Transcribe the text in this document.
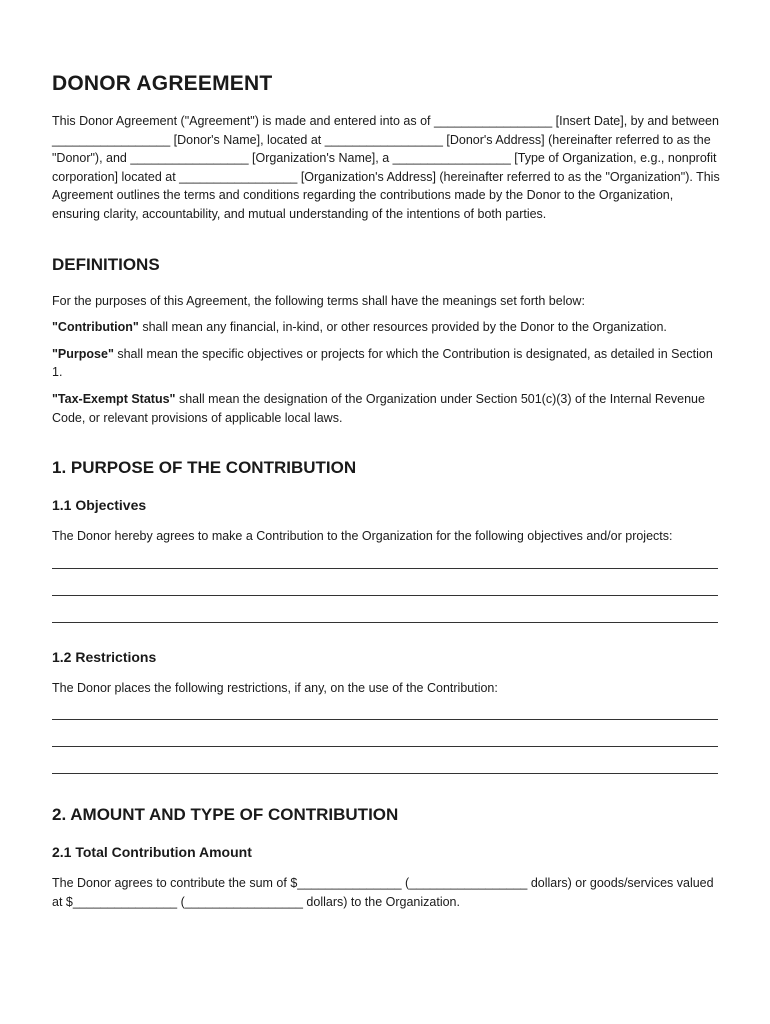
DONOR AGREEMENT

This Donor Agreement ("Agreement") is made and entered into as of _________________ [Insert Date], by and between _________________ [Donor's Name], located at _________________ [Donor's Address] (hereinafter referred to as the "Donor"), and _________________ [Organization's Name], a _________________ [Type of Organization, e.g., nonprofit corporation] located at _________________ [Organization's Address] (hereinafter referred to as the "Organization"). This Agreement outlines the terms and conditions regarding the contributions made by the Donor to the Organization, ensuring clarity, accountability, and mutual understanding of the intentions of both parties.

DEFINITIONS

For the purposes of this Agreement, the following terms shall have the meanings set forth below:

"Contribution" shall mean any financial, in-kind, or other resources provided by the Donor to the Organization.

"Purpose" shall mean the specific objectives or projects for which the Contribution is designated, as detailed in Section 1.

"Tax-Exempt Status" shall mean the designation of the Organization under Section 501(c)(3) of the Internal Revenue Code, or relevant provisions of applicable local laws.

1. PURPOSE OF THE CONTRIBUTION
1.1 Objectives

The Donor hereby agrees to make a Contribution to the Organization for the following objectives and/or projects:

1.2 Restrictions

The Donor places the following restrictions, if any, on the use of the Contribution:

2. AMOUNT AND TYPE OF CONTRIBUTION
2.1 Total Contribution Amount

The Donor agrees to contribute the sum of $_______________ (_________________ dollars) or goods/services valued at $_______________ (_________________ dollars) to the Organization.
